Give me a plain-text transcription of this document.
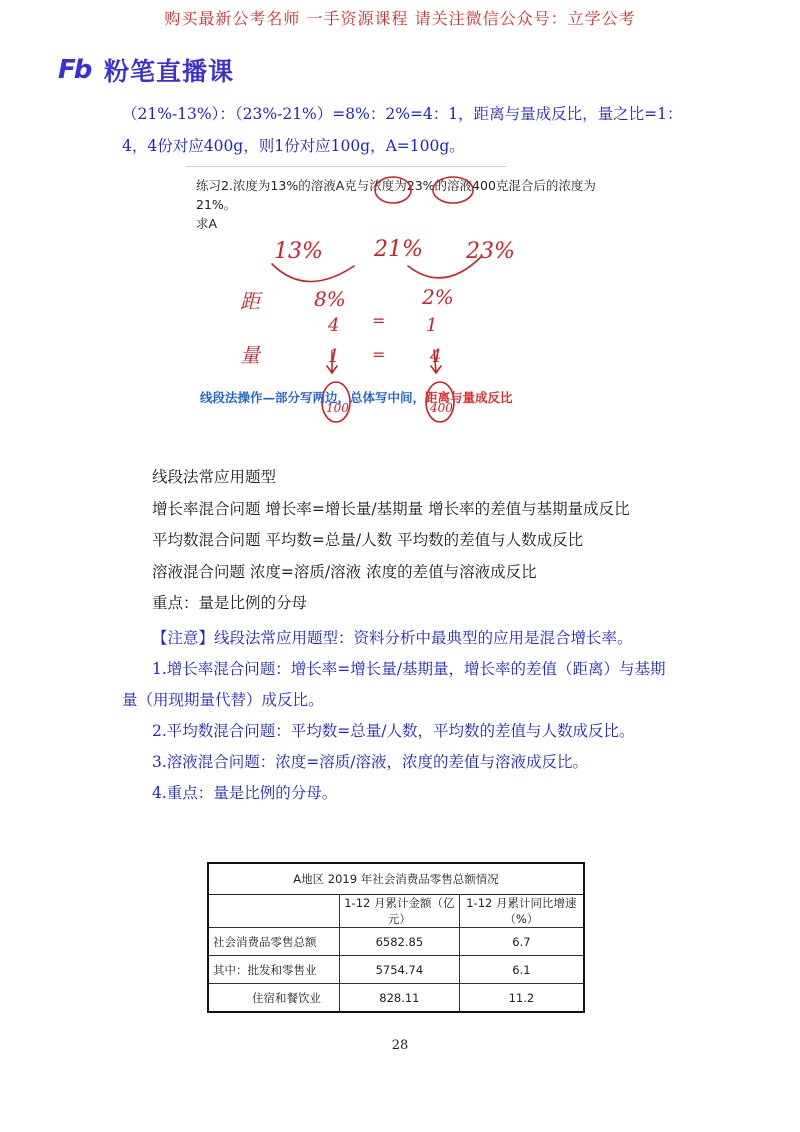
购买最新公考名师 一手资源课程 请关注微信公众号：立学公考
Fb 粉笔直播课
（21%-13%）：（23%-21%）=8%：2%=4：1，距离与量成反比，量之比=1：4，4份对应400g，则1份对应100g，A=100g。
练习2.浓度为13%的溶液A克与浓度为23%的溶液400克混合后的浓度为21%。
求A
13% 21% 23%
距
量
8%	2%
4 = 1
1 = 4
100	400
线段法操作—部分写两边，总体写中间，距离与量成反比
线段法常应用题型
增长率混合问题 增长率=增长量/基期量 增长率的差值与基期量成反比
平均数混合问题 平均数=总量/人数 平均数的差值与人数成反比
溶液混合问题 浓度=溶质/溶液 浓度的差值与溶液成反比
重点：量是比例的分母
【注意】线段法常应用题型：资料分析中最典型的应用是混合增长率。
1.增长率混合问题：增长率=增长量/基期量，增长率的差值（距离）与基期
量（用现期量代替）成反比。
2.平均数混合问题：平均数=总量/人数，平均数的差值与人数成反比。
3.溶液混合问题：浓度=溶质/溶液，浓度的差值与溶液成反比。
4.重点：量是比例的分母。
A地区 2019 年社会消费品零售总额情况		
	1-12 月累计金额（亿元）	1-12 月累计同比增速（%）
社会消费品零售总额	6582.85	6.7
其中：批发和零售业	5754.74	6.1
住宿和餐饮业	828.11	11.2
28
